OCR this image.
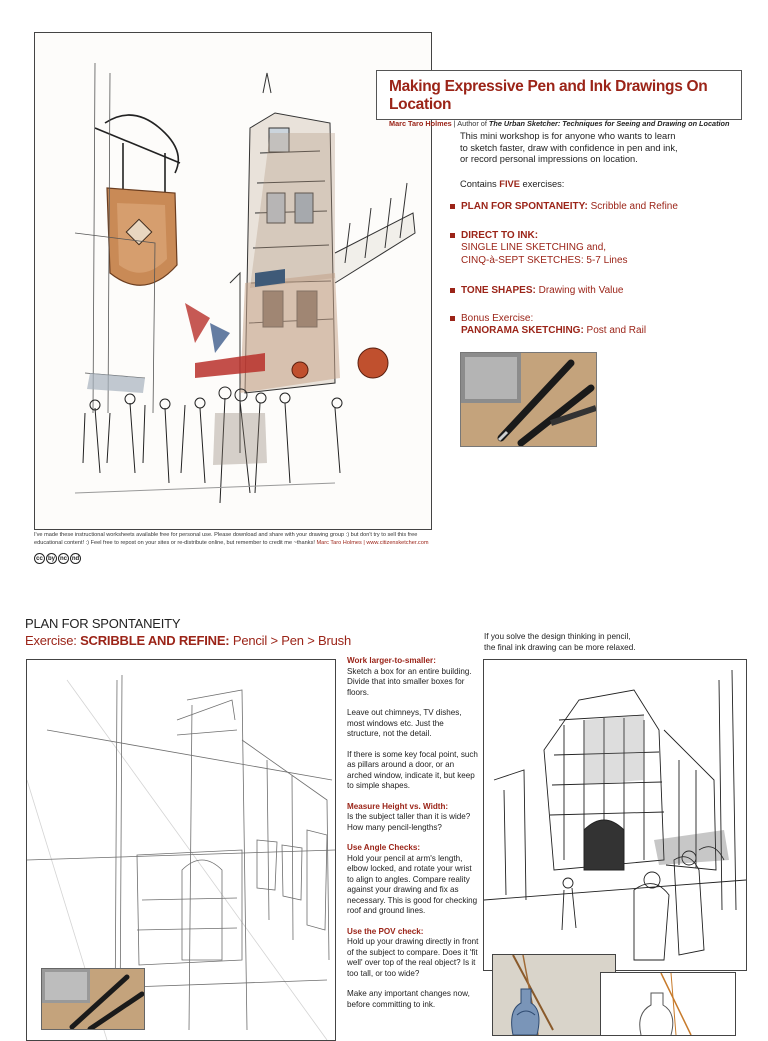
Making Expressive Pen and Ink Drawings On Location
Marc Taro Holmes | Author of The Urban Sketcher: Techniques for Seeing and Drawing on Location
This mini workshop is for anyone who wants to learn
to sketch faster, draw with confidence in pen and ink,
or record personal impressions on location.
Contains FIVE exercises:
PLAN FOR SPONTANEITY: Scribble and Refine
DIRECT TO INK:
SINGLE LINE SKETCHING and,
CINQ-à-SEPT SKETCHES: 5-7 Lines
TONE SHAPES: Drawing with Value
Bonus Exercise:
PANORAMA SKETCHING: Post and Rail
I've made these instructional worksheets available free for personal use. Please download and share with your drawing group :) but don't try to sell this free
educational content! :) Feel free to repost on your sites or re-distribute online, but remember to credit me ~thanks! Marc Taro Holmes | www.citizensketcher.com
cc by nc nd
PLAN FOR SPONTANEITY
Exercise: SCRIBBLE AND REFINE: Pencil > Pen > Brush

Work larger-to-smaller:
Sketch a box for an entire building. Divide that into smaller boxes for floors.

Leave out chimneys, TV dishes, most windows etc. Just the structure, not the detail.

If there is some key focal point, such as pillars around a door, or an arched window, indicate it, but keep to simple shapes.

Measure Height vs. Width:
Is the subject taller than it is wide? How many pencil-lengths?

Use Angle Checks:
Hold your pencil at arm's length, elbow locked, and rotate your wrist to align to angles. Compare reality against your drawing and fix as necessary. This is good for checking roof and ground lines.

Use the POV check:
Hold up your drawing directly in front of the subject to compare. Does it 'fit well' over top of the real object? Is it too tall, or too wide?

Make any important changes now, before committing to ink.

If you solve the design thinking in pencil,
the final ink drawing can be more relaxed.
